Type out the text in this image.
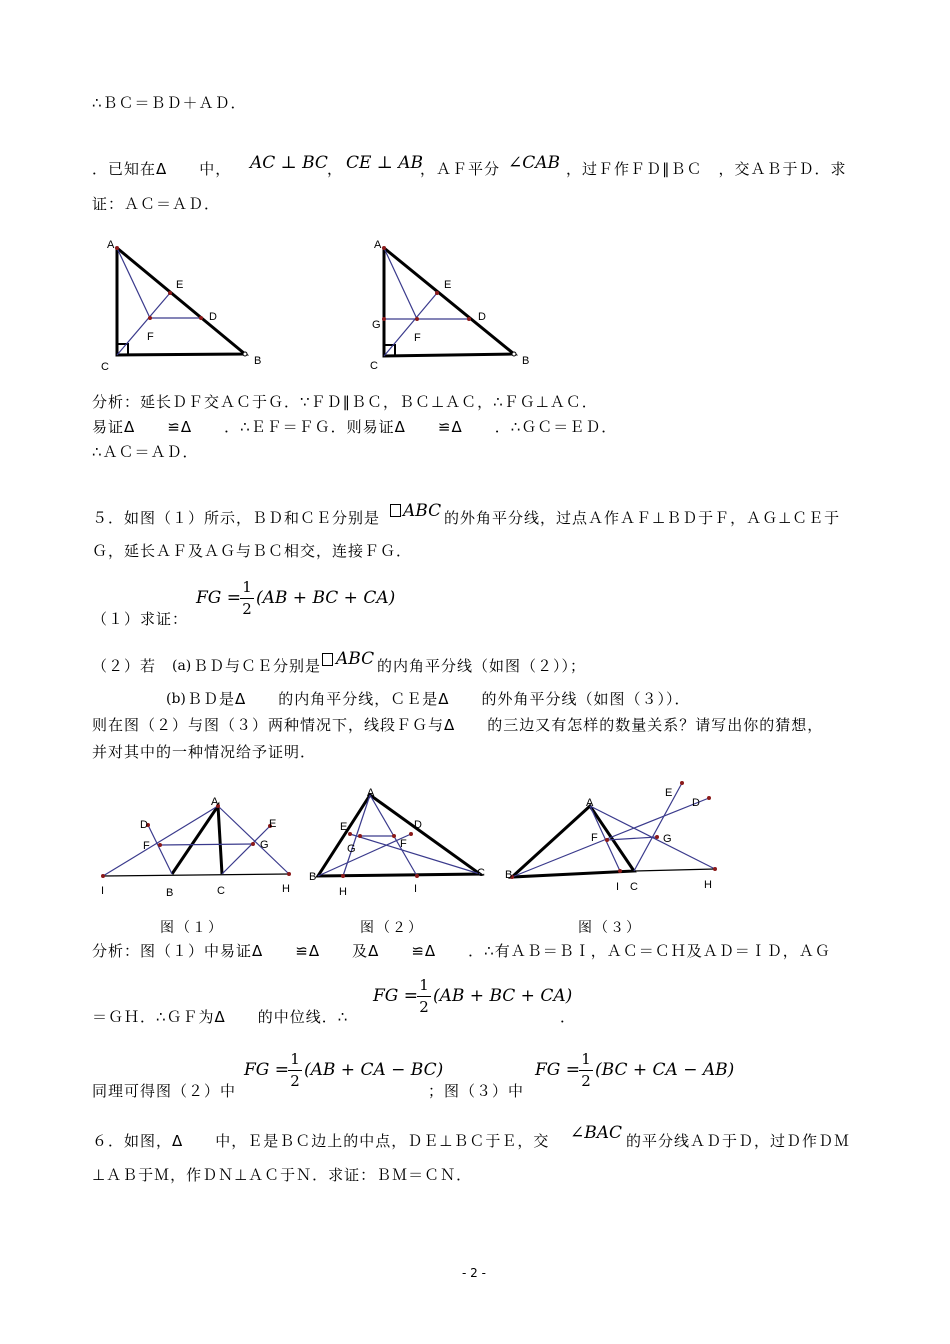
∴ＢＣ＝ＢＤ＋ＡＤ．
．已知在Δ　　中， AC ⊥ BC ， CE ⊥ AB
，ＡＦ平分 ∠CAB ，过Ｆ作ＦＤ∥ＢＣ　，交ＡＢ于Ｄ．求
证：ＡＣ＝ＡＤ．
A
E
D
F
C	B
A
E
D
G
F
C	B
分析：延长ＤＦ交ＡＣ于Ｇ．∵ＦＤ∥ＢＣ，ＢＣ⊥ＡＣ，∴ＦＧ⊥ＡＣ．
易证Δ　　≌Δ　　．∴ＥＦ＝ＦＧ．则易证Δ　　≌Δ　　．∴ＧＣ＝ＥＤ．
∴ＡＣ＝ＡＤ．
５．如图（１）所示，ＢＤ和ＣＥ分别是 ABC 的外角平分线，过点Ａ作ＡＦ⊥ＢＤ于Ｆ，ＡＧ⊥ＣＥ于
Ｇ，延长ＡＦ及ＡＧ与ＢＣ相交，连接ＦＧ．
FG =
1
2
(AB + BC + CA)
（１）求证：
（２）若 (a) ＢＤ与ＣＥ分别是 ABC 的内角平分线（如图（２））；
(b) ＢＤ是Δ　　的内角平分线，ＣＥ是Δ　　的外角平分线（如图（３））．
则在图（２）与图（３）两种情况下，线段ＦＧ与Δ　　的三边又有怎样的数量关系？请写出你的猜想，
并对其中的一种情况给予证明．
A
D	E
F	G
I	B	C	H
A
E	D
G	F
B
H	I
C
A
E
D
F	G
B
I C	H
图（１）	图（２）	图（３）
分析：图（１）中易证Δ　　≌Δ　　及Δ　　≌Δ　　．∴有ＡＢ＝ＢＩ，ＡＣ＝ＣＨ及ＡＤ＝ＩＤ，ＡＧ
FG =
1
2
(AB + BC + CA)
＝ＧＨ．∴ＧＦ为Δ　　的中位线．∴	．
FG =
1
2
(AB + CA − BC)	FG =
1
2
(BC + CA − AB)
同理可得图（２）中	；图（３）中
６．如图，Δ　　中，Ｅ是ＢＣ边上的中点，ＤＥ⊥ＢＣ于Ｅ，交 ∠BAC 的平分线ＡＤ于Ｄ，过Ｄ作ＤＭ
⊥ＡＢ于Ｍ，作ＤＮ⊥ＡＣ于Ｎ．求证：ＢＭ＝ＣＮ．
- 2 -
